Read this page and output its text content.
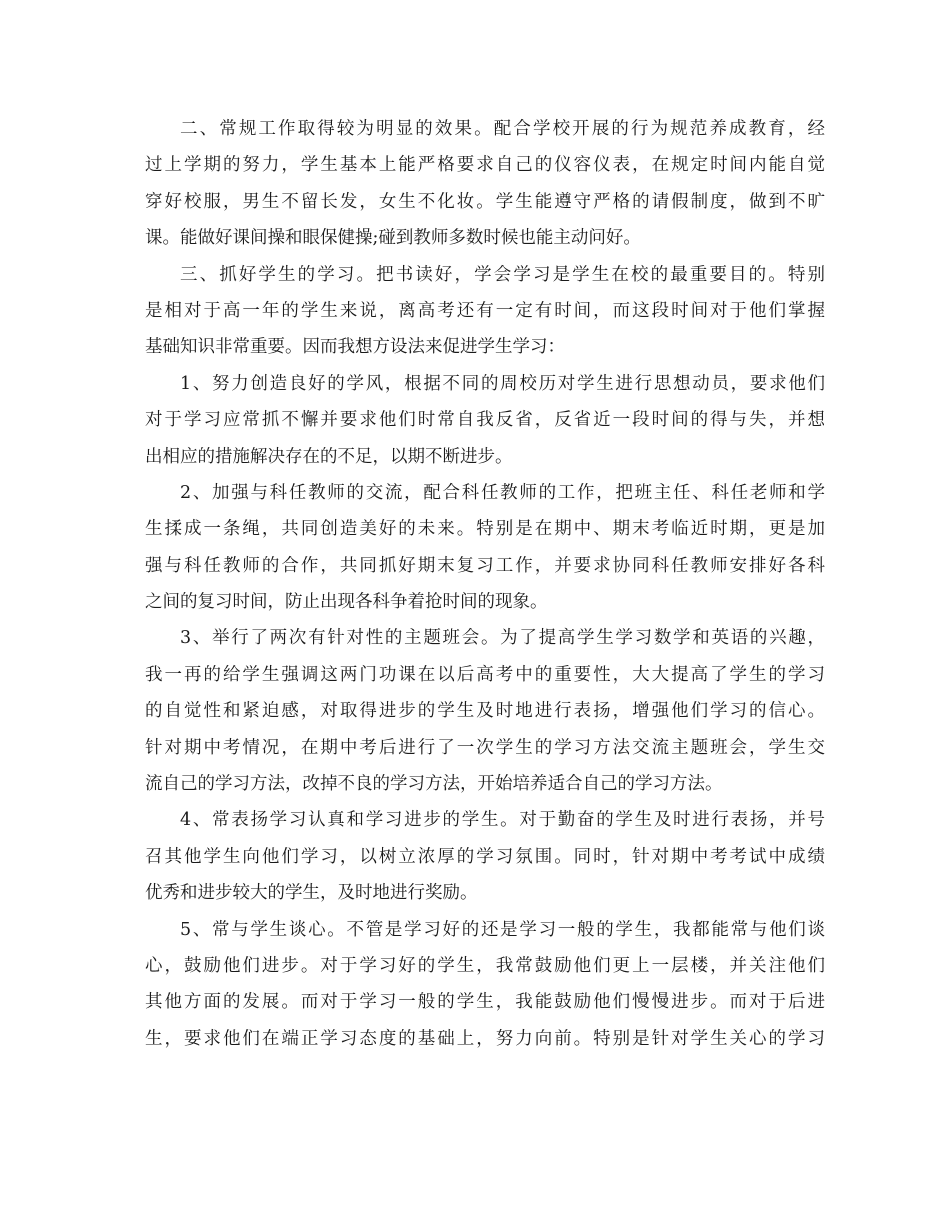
二、常规工作取得较为明显的效果。配合学校开展的行为规范养成教育，经
过上学期的努力，学生基本上能严格要求自己的仪容仪表，在规定时间内能自觉
穿好校服，男生不留长发，女生不化妆。学生能遵守严格的请假制度，做到不旷
课。能做好课间操和眼保健操;碰到教师多数时候也能主动问好。
三、抓好学生的学习。把书读好，学会学习是学生在校的最重要目的。特别
是相对于高一年的学生来说，离高考还有一定有时间，而这段时间对于他们掌握
基础知识非常重要。因而我想方设法来促进学生学习：
1、努力创造良好的学风，根据不同的周校历对学生进行思想动员，要求他们
对于学习应常抓不懈并要求他们时常自我反省，反省近一段时间的得与失，并想
出相应的措施解决存在的不足，以期不断进步。
2、加强与科任教师的交流，配合科任教师的工作，把班主任、科任老师和学
生揉成一条绳，共同创造美好的未来。特别是在期中、期末考临近时期，更是加
强与科任教师的合作，共同抓好期末复习工作，并要求协同科任教师安排好各科
之间的复习时间，防止出现各科争着抢时间的现象。
3、举行了两次有针对性的主题班会。为了提高学生学习数学和英语的兴趣，
我一再的给学生强调这两门功课在以后高考中的重要性，大大提高了学生的学习
的自觉性和紧迫感，对取得进步的学生及时地进行表扬，增强他们学习的信心。
针对期中考情况，在期中考后进行了一次学生的学习方法交流主题班会，学生交
流自己的学习方法，改掉不良的学习方法，开始培养适合自己的学习方法。
4、常表扬学习认真和学习进步的学生。对于勤奋的学生及时进行表扬，并号
召其他学生向他们学习，以树立浓厚的学习氛围。同时，针对期中考考试中成绩
优秀和进步较大的学生，及时地进行奖励。
5、常与学生谈心。不管是学习好的还是学习一般的学生，我都能常与他们谈
心，鼓励他们进步。对于学习好的学生，我常鼓励他们更上一层楼，并关注他们
其他方面的发展。而对于学习一般的学生，我能鼓励他们慢慢进步。而对于后进
生，要求他们在端正学习态度的基础上，努力向前。特别是针对学生关心的学习
